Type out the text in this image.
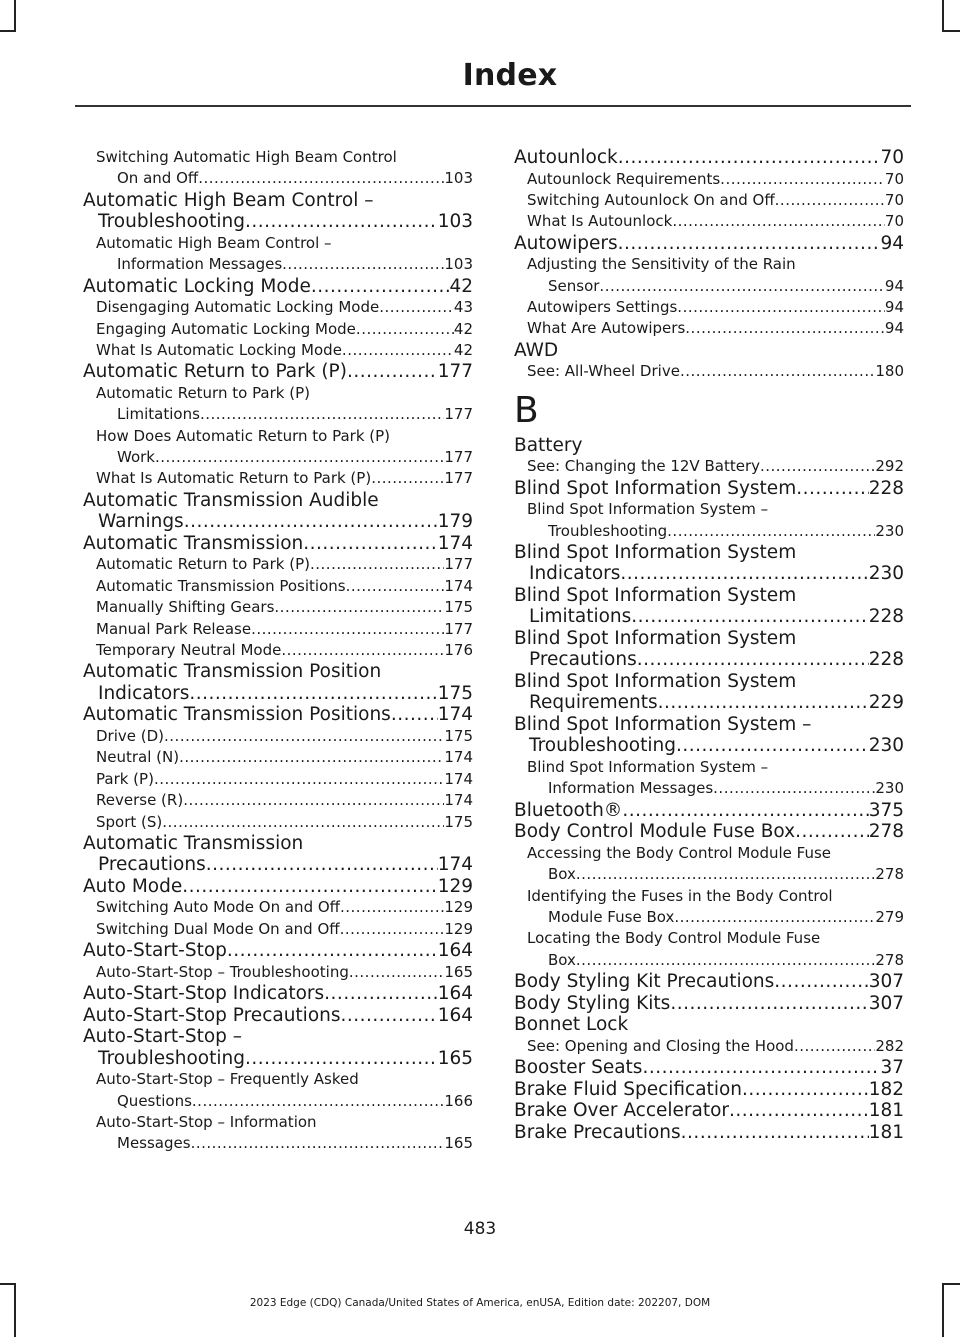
Index
Switching Automatic High Beam Control
On and Off .....	103
Automatic High Beam Control –
Troubleshooting .....	103
Automatic High Beam Control –
Information Messages .....	103
Automatic Locking Mode .....	42
Disengaging Automatic Locking Mode .....	43
Engaging Automatic Locking Mode .....	42
What Is Automatic Locking Mode .....	42
Automatic Return to Park (P) .....	177
Automatic Return to Park (P)
Limitations .....	177
How Does Automatic Return to Park (P)
Work .....	177
What Is Automatic Return to Park (P) .....	177
Automatic Transmission Audible
Warnings .....	179
Automatic Transmission .....	174
Automatic Return to Park (P) .....	177
Automatic Transmission Positions .....	174
Manually Shifting Gears .....	175
Manual Park Release .....	177
Temporary Neutral Mode .....	176
Automatic Transmission Position
Indicators .....	175
Automatic Transmission Positions .....	174
Drive (D) .....	175
Neutral (N) .....	174
Park (P) .....	174
Reverse (R) .....	174
Sport (S) .....	175
Automatic Transmission
Precautions .....	174
Auto Mode .....	129
Switching Auto Mode On and Off .....	129
Switching Dual Mode On and Off .....	129
Auto-Start-Stop .....	164
Auto-Start-Stop – Troubleshooting .....	165
Auto-Start-Stop Indicators .....	164
Auto-Start-Stop Precautions .....	164
Auto-Start-Stop –
Troubleshooting .....	165
Auto-Start-Stop – Frequently Asked
Questions .....	166
Auto-Start-Stop – Information
Messages .....	165
Autounlock .....	70
Autounlock Requirements .....	70
Switching Autounlock On and Off .....	70
What Is Autounlock .....	70
Autowipers .....	94
Adjusting the Sensitivity of the Rain
Sensor .....	94
Autowipers Settings .....	94
What Are Autowipers .....	94
AWD
See: All-Wheel Drive .....	180
B
Battery
See: Changing the 12V Battery .....	292
Blind Spot Information System .....	228
Blind Spot Information System –
Troubleshooting .....	230
Blind Spot Information System
Indicators .....	230
Blind Spot Information System
Limitations .....	228
Blind Spot Information System
Precautions .....	228
Blind Spot Information System
Requirements .....	229
Blind Spot Information System –
Troubleshooting .....	230
Blind Spot Information System –
Information Messages .....	230
Bluetooth® .....	375
Body Control Module Fuse Box .....	278
Accessing the Body Control Module Fuse
Box .....	278
Identifying the Fuses in the Body Control
Module Fuse Box .....	279
Locating the Body Control Module Fuse
Box .....	278
Body Styling Kit Precautions .....	307
Body Styling Kits .....	307
Bonnet Lock
See: Opening and Closing the Hood .....	282
Booster Seats .....	37
Brake Fluid Specification .....	182
Brake Over Accelerator .....	181
Brake Precautions .....	181
483
2023 Edge (CDQ) Canada/United States of America, enUSA, Edition date: 202207, DOM
